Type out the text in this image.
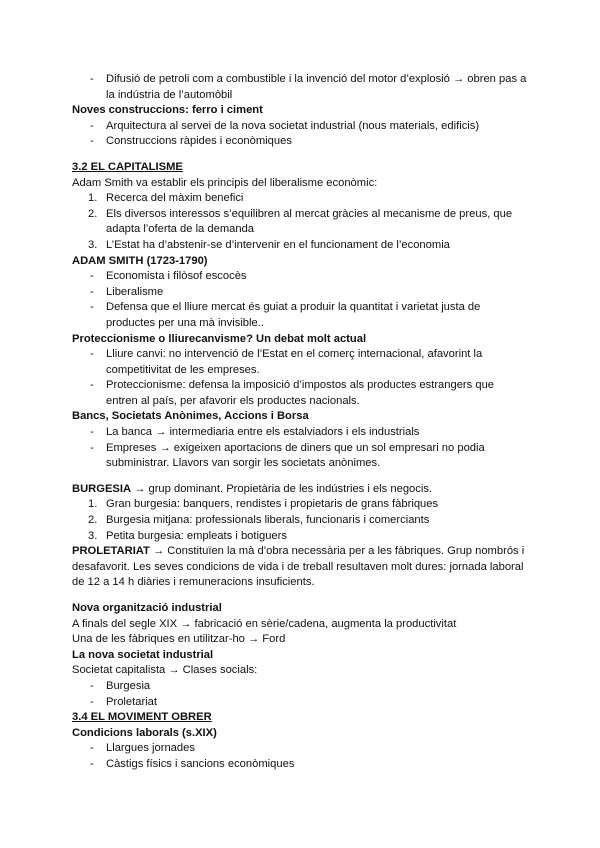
- Difusió de petroli com a combustible i la invenció del motor d’explosió → obren pas a
la indústria de l’automòbil
Noves construccions: ferro i ciment
- Arquitectura al servei de la nova societat industrial (nous materials, edificis)
- Construccions ràpides i econòmiques
3.2 EL CAPITALISME
Adam Smith va establir els principis del liberalisme econòmic:
1. Recerca del màxim benefici
2. Els diversos interessos s’equilibren al mercat gràcies al mecanisme de preus, que
adapta l’oferta de la demanda
3. L’Estat ha d’abstenir-se d’intervenir en el funcionament de l’economia
ADAM SMITH (1723-1790)
- Economista i filòsof escocès
- Liberalisme
- Defensa que el lliure mercat és guiat a produir la quantitat i varietat justa de
productes per una mà invisible..
Proteccionisme o lliurecanvisme? Un debat molt actual
- Lliure canvi: no intervenció de l’Estat en el comerç internacional, afavorint la
competitivitat de les empreses.
- Proteccionisme: defensa la imposició d’impostos als productes estrangers que
entren al país, per afavorir els productes nacionals.
Bancs, Societats Anònimes, Accions i Borsa
- La banca → intermediaria entre els estalviadors i els industrials
- Empreses → exigeixen aportacions de diners que un sol empresari no podia
subministrar. Llavors van sorgir les societats anònimes.
BURGESIA → grup dominant. Propietària de les indústries i els negocis.
1. Gran burgesia: banquers, rendistes i propietaris de grans fàbriques
2. Burgesia mitjana: professionals liberals, funcionaris i comerciants
3. Petita burgesia: empleats i botiguers
PROLETARIAT → Constituïen la mà d’obra necessària per a les fàbriques. Grup nombrós i
desafavorit. Les seves condicions de vida i de treball resultaven molt dures: jornada laboral
de 12 a 14 h diàries i remuneracions insuficients.
Nova organització industrial
A finals del segle XIX → fabricació en sèrie/cadena, augmenta la productivitat
Una de les fàbriques en utilitzar-ho → Ford
La nova societat industrial
Societat capitalista → Clases socials:
- Burgesia
- Proletariat
3.4 EL MOVIMENT OBRER
Condicions laborals (s.XIX)
- Llargues jornades
- Càstigs físics i sancions econòmiques
